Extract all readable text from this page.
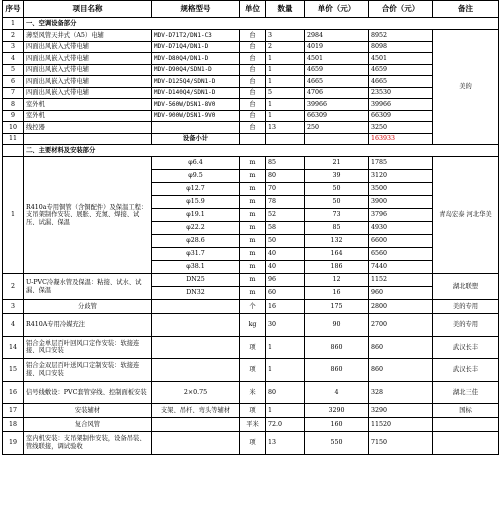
序号	项目名称	规格型号	单位	数量	单价（元）	合价（元）	备注
1	一、空调设备部分						
2	薄型风管天井式（A5）电辅	MDV-D71T2/DN1-C3	台	3	2984	8952	美的
3	四面出风嵌入式带电辅	MDV-D71Q4/DN1-D	台	2	4019	8098	
4	四面出风嵌入式带电辅	MDV-D80Q4/DN1-D	台	1	4501	4501	
5	四面出风嵌入式带电辅	MDV-D90Q4/SDN1-D	台	1	4659	4659	
6	四面出风嵌入式带电辅	MDV-D125Q4/SDN1-D	台	1	4665	4665	
7	四面出风嵌入式带电辅	MDV-D140Q4/SDN1-D	台	5	4706	23530	
8	室外机	MDV-560W/DSN1-8V0	台	1	39966	39966	
9	室外机	MDV-900W/DSN1-9V0	台	1	66309	66309	
10	线控器		台	13	250	3250	
11		设备小计				163933	
	二、主要材料及安装部分						
1	R410a专用铜管（含铜配件）及保温工程：支吊架制作安装、展胀、充氮、焊接、试压、试漏、保温	φ6.4	m	85	21	1785	青岛宏泰 河北华美
		φ9.5	m	80	39	3120	
		φ12.7	m	70	50	3500	
		φ15.9	m	78	50	3900	
		φ19.1	m	52	73	3796	
		φ22.2	m	58	85	4930	
		φ28.6	m	50	132	6600	
		φ31.7	m	40	164	6560	
		φ38.1	m	40	186	7440	
2	U-PVC冷凝水管及保温：粘接、试水、试漏、保温	DN25	m	96	12	1152	湖北联塑
		DN32	m	60	16	960	
3	分歧管		个	16	175	2800	美的专用
4	R410A专用冷媒充注		kg	30	90	2700	美的专用
14	铝合金单层百叶回风口定作安装：软接连接、风口安装		项	1	860	860	武汉长丰
15	铝合金双层百叶送风口定制安装：软接连接、风口安装		项	1	860	860	武汉长丰
16	信号线敷设：PVC套管穿线、控制面板安装	2×0.75	米	80	4	328	湖北三佳
17	安装辅材	支架、吊杆、弯头等辅材	项	1	3290	3290	国标
18	复合风管		平米	72.0	160	11520	
19	室内机安装：支吊架制作安装，设备吊装、管线联接，调试验收		项	13	550	7150	
